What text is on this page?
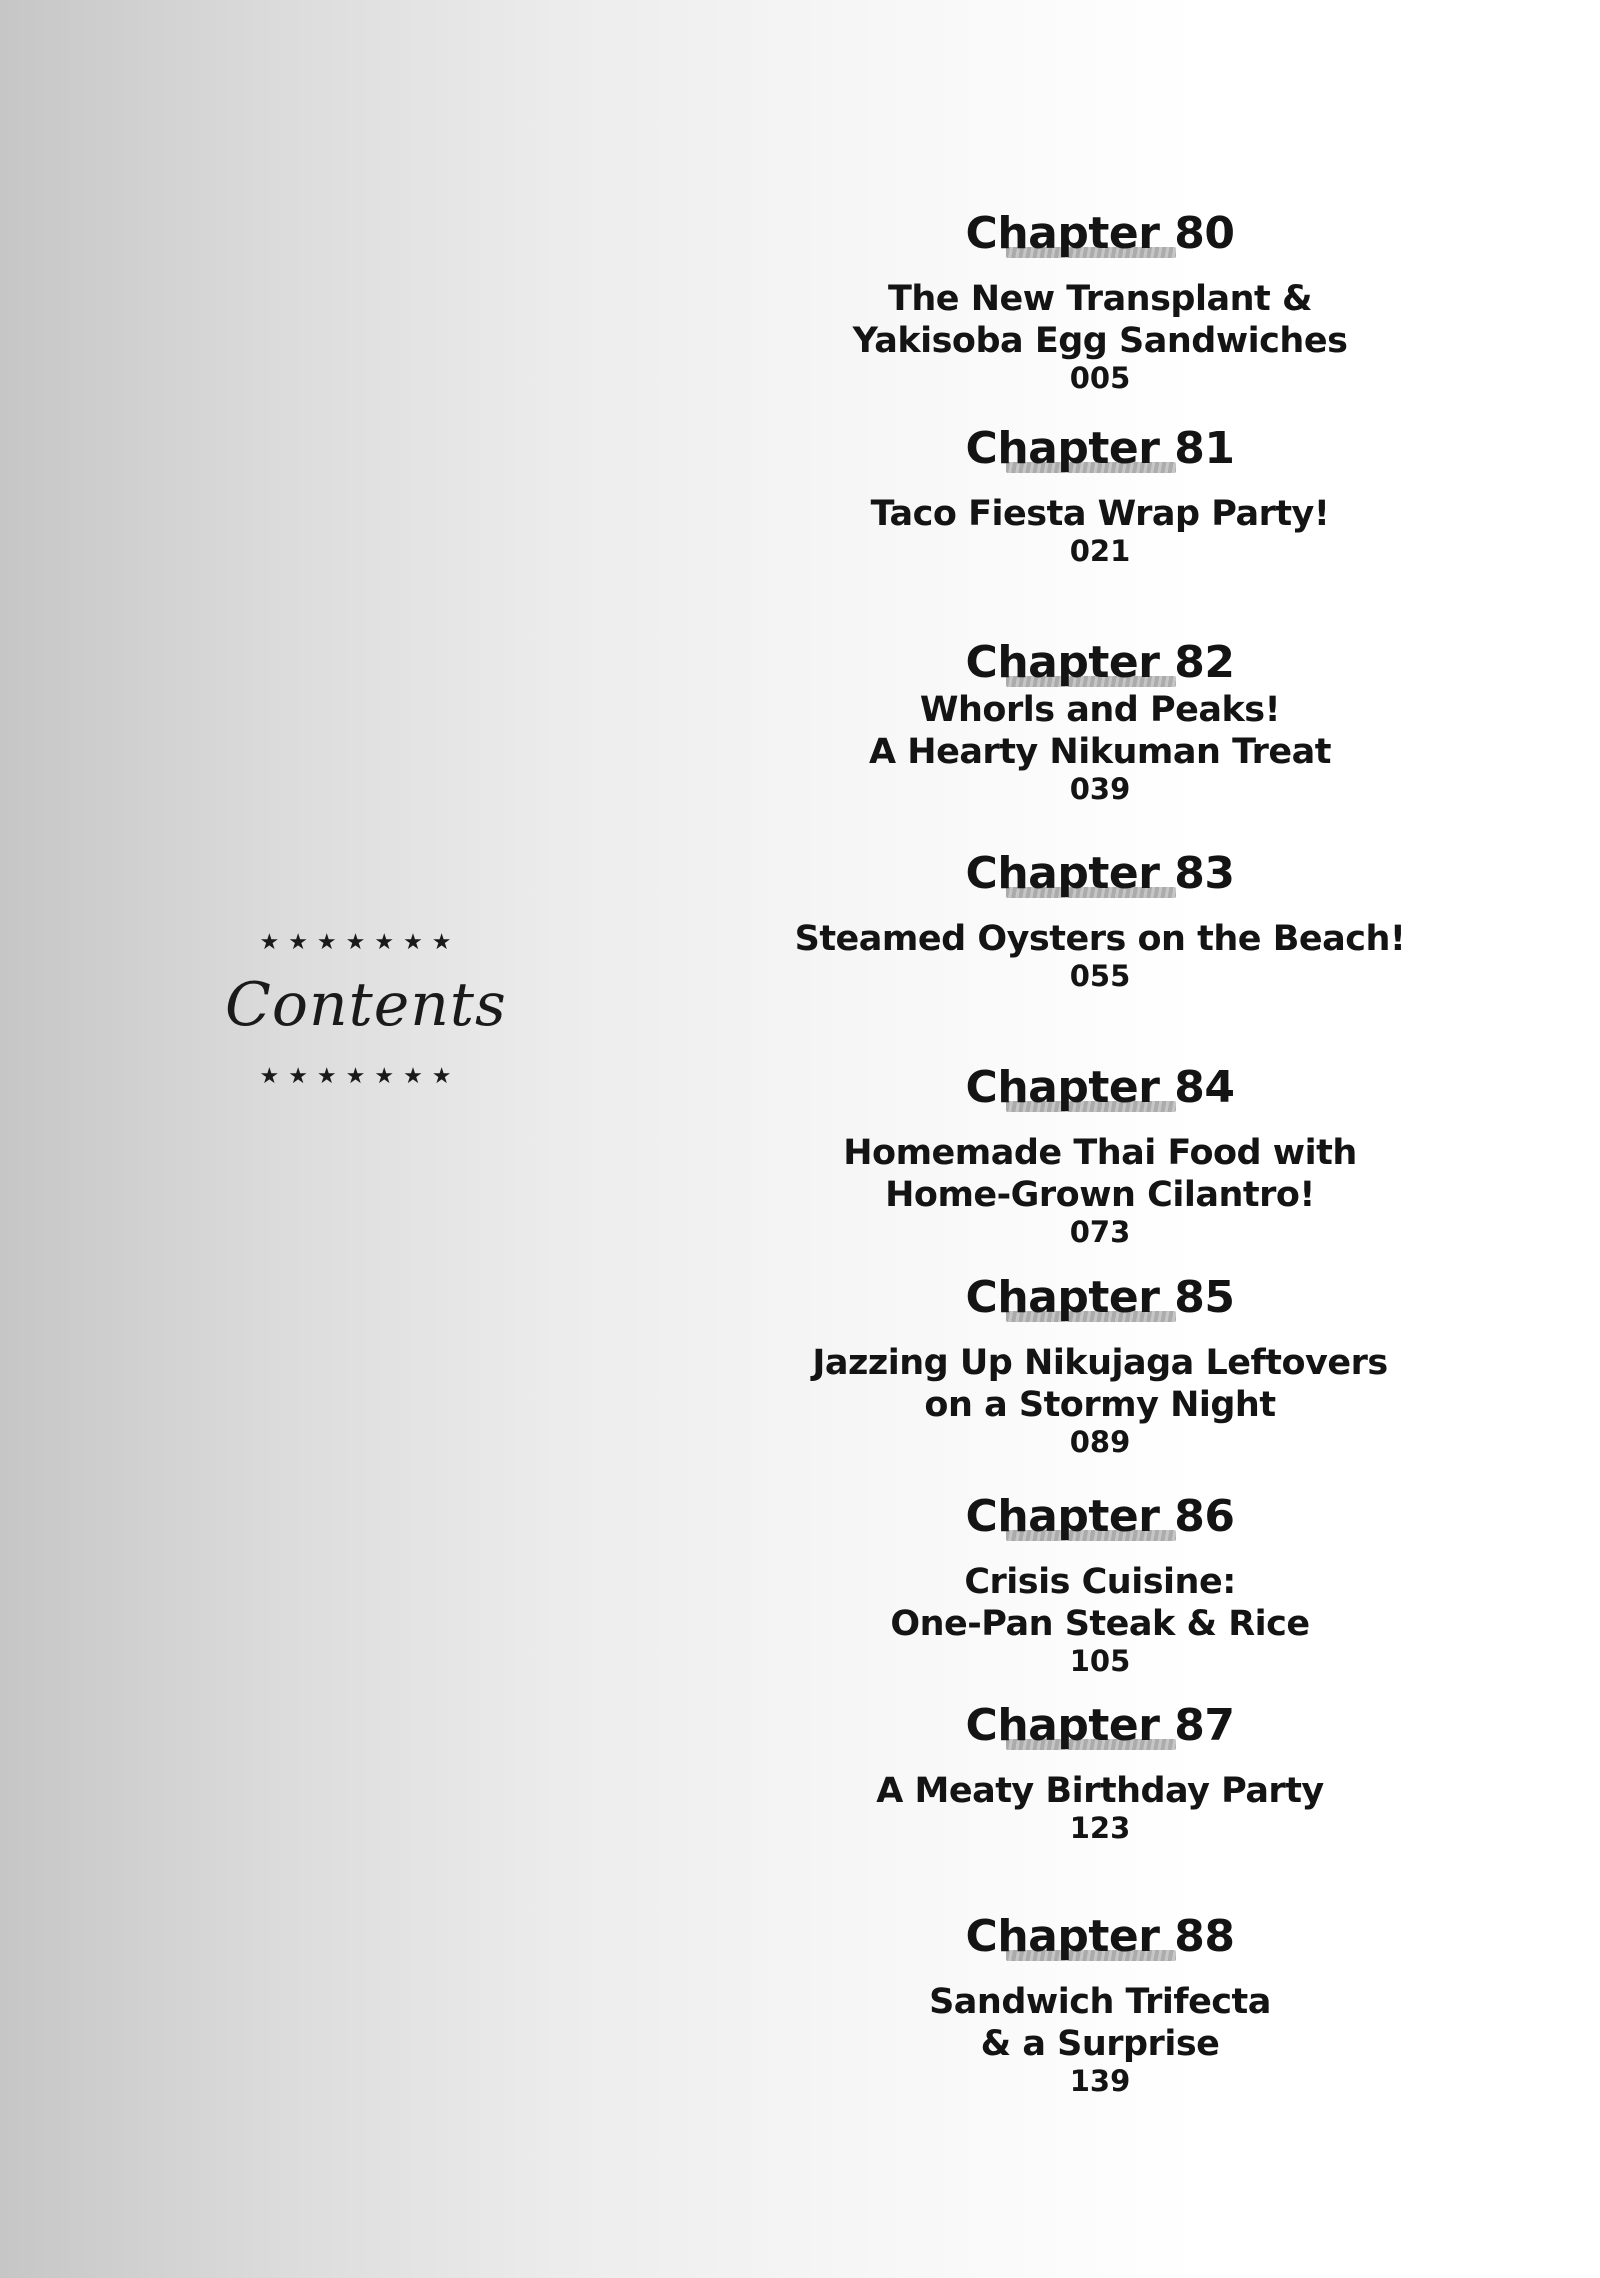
★★★★★★★
Contents
★★★★★★★
Chapter 80
The New Transplant &
Yakisoba Egg Sandwiches
005
Chapter 81
Taco Fiesta Wrap Party!
021
Chapter 82
Whorls and Peaks!
A Hearty Nikuman Treat
039
Chapter 83
Steamed Oysters on the Beach!
055
Chapter 84
Homemade Thai Food with
Home-Grown Cilantro!
073
Chapter 85
Jazzing Up Nikujaga Leftovers
on a Stormy Night
089
Chapter 86
Crisis Cuisine:
One-Pan Steak & Rice
105
Chapter 87
A Meaty Birthday Party
123
Chapter 88
Sandwich Trifecta
& a Surprise
139
